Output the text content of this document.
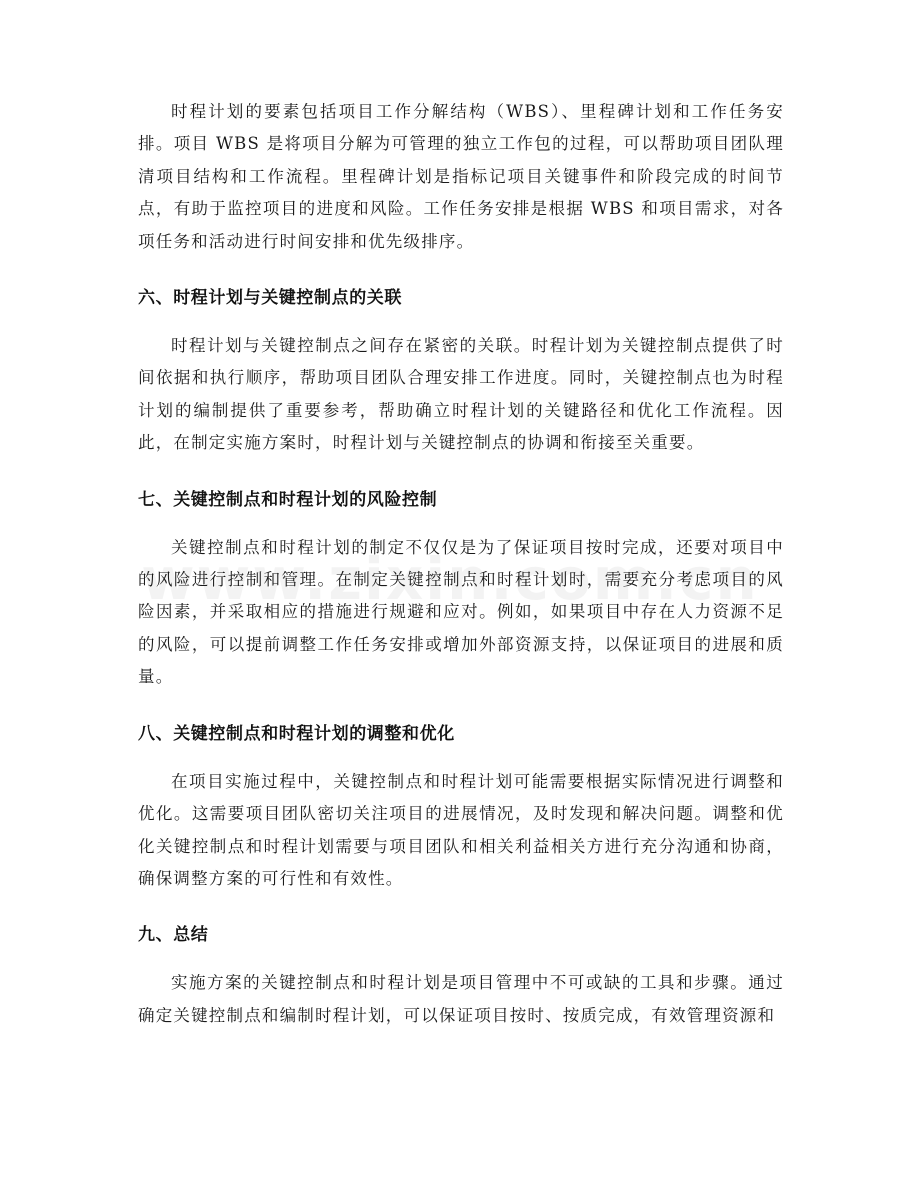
时程计划的要素包括项目工作分解结构（WBS）、里程碑计划和工作任务安排。项目 WBS 是将项目分解为可管理的独立工作包的过程，可以帮助项目团队理清项目结构和工作流程。里程碑计划是指标记项目关键事件和阶段完成的时间节点，有助于监控项目的进度和风险。工作任务安排是根据 WBS 和项目需求，对各项任务和活动进行时间安排和优先级排序。

六、时程计划与关键控制点的关联

时程计划与关键控制点之间存在紧密的关联。时程计划为关键控制点提供了时间依据和执行顺序，帮助项目团队合理安排工作进度。同时，关键控制点也为时程计划的编制提供了重要参考，帮助确立时程计划的关键路径和优化工作流程。因此，在制定实施方案时，时程计划与关键控制点的协调和衔接至关重要。

七、关键控制点和时程计划的风险控制

关键控制点和时程计划的制定不仅仅是为了保证项目按时完成，还要对项目中的风险进行控制和管理。在制定关键控制点和时程计划时，需要充分考虑项目的风险因素，并采取相应的措施进行规避和应对。例如，如果项目中存在人力资源不足的风险，可以提前调整工作任务安排或增加外部资源支持，以保证项目的进展和质量。

八、关键控制点和时程计划的调整和优化

在项目实施过程中，关键控制点和时程计划可能需要根据实际情况进行调整和优化。这需要项目团队密切关注项目的进展情况，及时发现和解决问题。调整和优化关键控制点和时程计划需要与项目团队和相关利益相关方进行充分沟通和协商，确保调整方案的可行性和有效性。

九、总结

实施方案的关键控制点和时程计划是项目管理中不可或缺的工具和步骤。通过确定关键控制点和编制时程计划，可以保证项目按时、按质完成，有效管理资源和
